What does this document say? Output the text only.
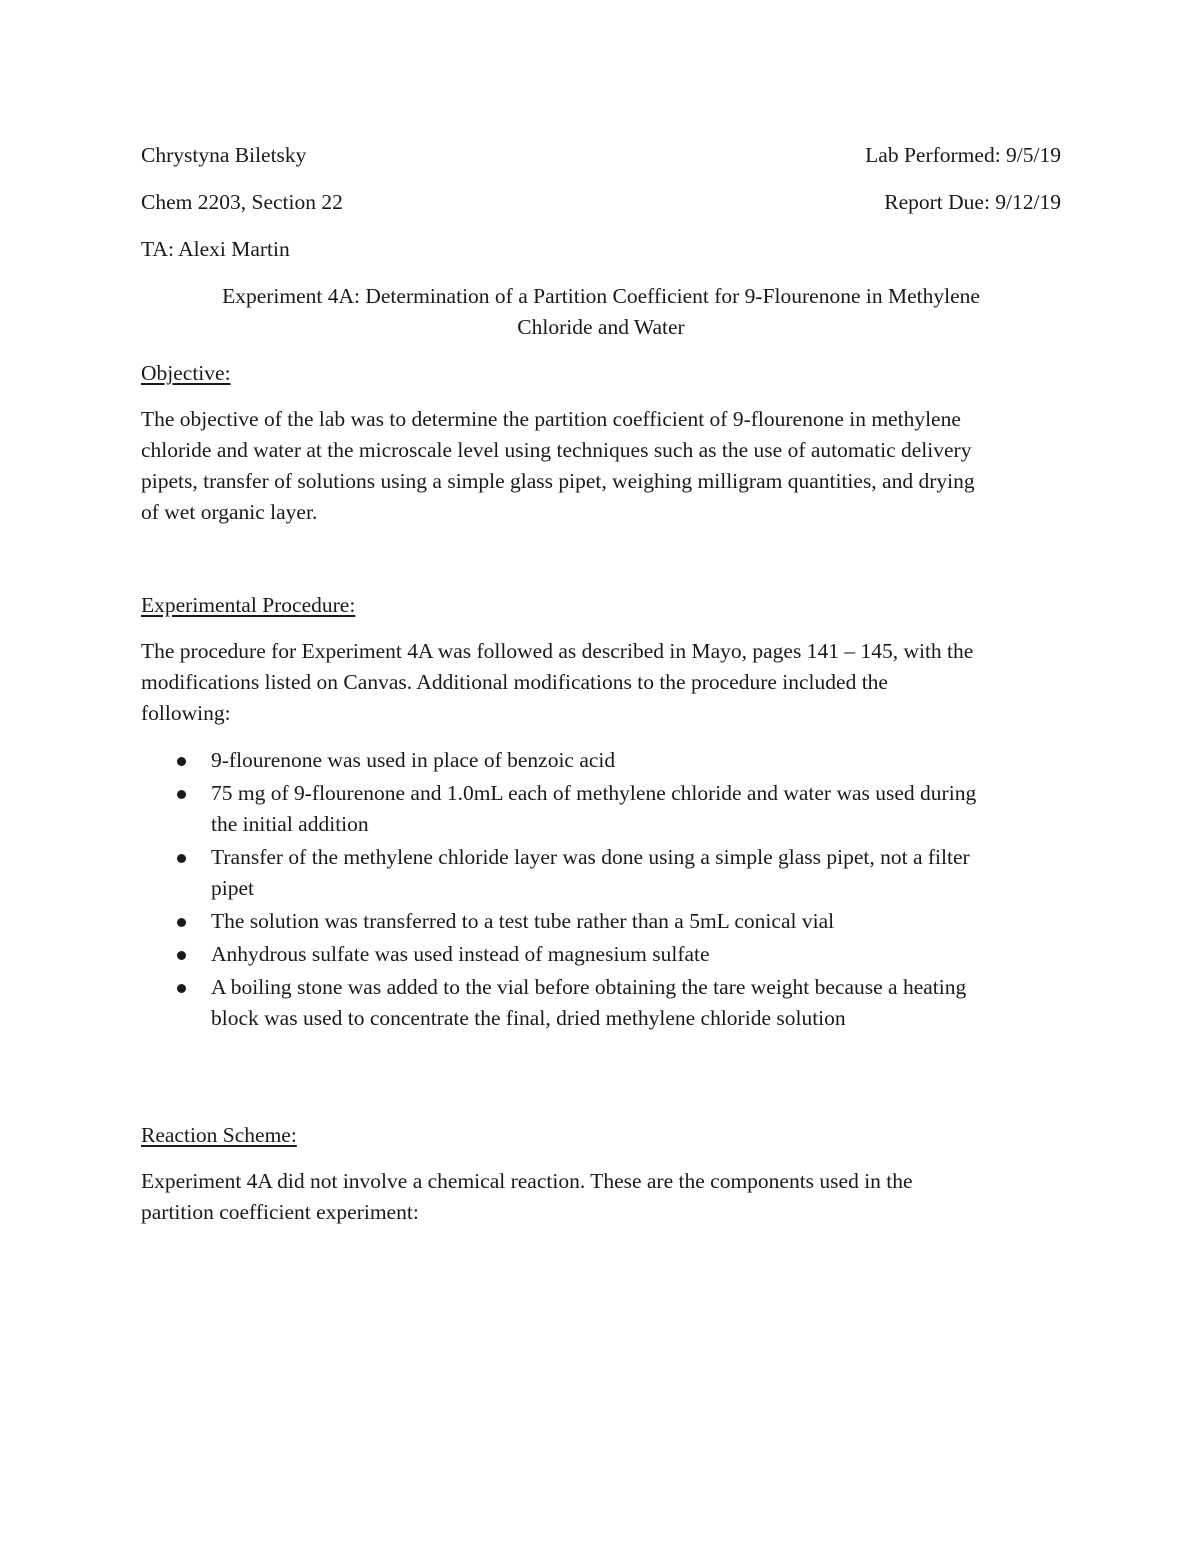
Chrystyna Biletsky	Lab Performed: 9/5/19
Chem 2203, Section 22	Report Due: 9/12/19
TA: Alexi Martin
Experiment 4A: Determination of a Partition Coefficient for 9-Flourenone in Methylene
Chloride and Water
Objective:
The objective of the lab was to determine the partition coefficient of 9-flourenone in methylene
chloride and water at the microscale level using techniques such as the use of automatic delivery
pipets, transfer of solutions using a simple glass pipet, weighing milligram quantities, and drying
of wet organic layer.
Experimental Procedure:
The procedure for Experiment 4A was followed as described in Mayo, pages 141 – 145, with the
modifications listed on Canvas. Additional modifications to the procedure included the
following:
9-flourenone was used in place of benzoic acid
75 mg of 9-flourenone and 1.0mL each of methylene chloride and water was used during
the initial addition
Transfer of the methylene chloride layer was done using a simple glass pipet, not a filter
pipet
The solution was transferred to a test tube rather than a 5mL conical vial
Anhydrous sulfate was used instead of magnesium sulfate
A boiling stone was added to the vial before obtaining the tare weight because a heating
block was used to concentrate the final, dried methylene chloride solution
Reaction Scheme:
Experiment 4A did not involve a chemical reaction. These are the components used in the
partition coefficient experiment:
